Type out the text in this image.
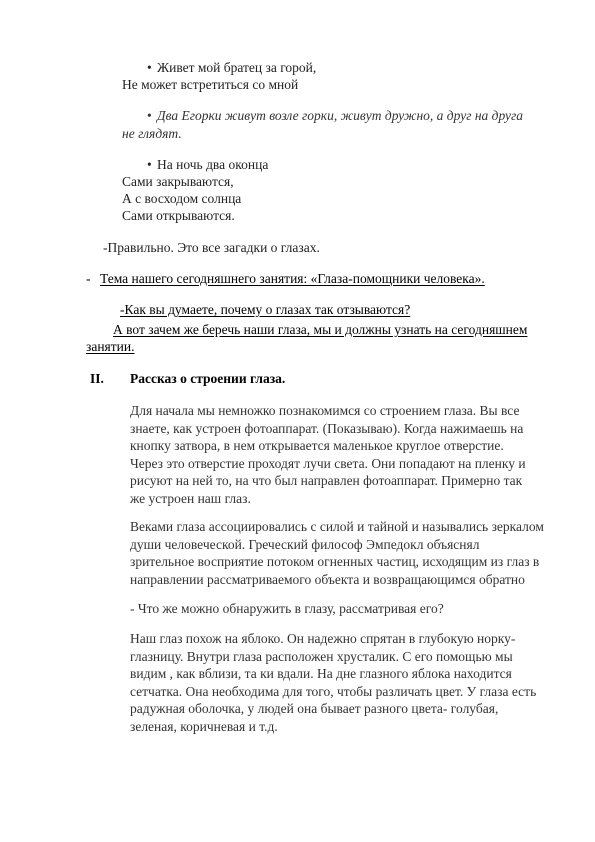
• Живет мой братец за горой,
Не может встретиться со мной
• Два Егорки живут возле горки, живут дружно, а друг на друга
не глядят.
• На ночь два оконца
Сами закрываются,
А с восходом солнца
Сами открываются.
-Правильно. Это все загадки о глазах.
- Тема нашего сегодняшнего занятия: «Глаза-помощники человека».
-Как вы думаете, почему о глазах так отзываются?
А вот зачем же беречь наши глаза, мы и должны узнать на сегодняшнем
занятии.
II. Рассказ о строении глаза.
Для начала мы немножко познакомимся со строением глаза. Вы все
знаете, как устроен фотоаппарат. (Показываю). Когда нажимаешь на
кнопку затвора, в нем открывается маленькое круглое отверстие.
Через это отверстие проходят лучи света. Они попадают на пленку и
рисуют на ней то, на что был направлен фотоаппарат. Примерно так
же устроен наш глаз.
Веками глаза ассоциировались с силой и тайной и назывались зеркалом
души человеческой. Греческий философ Эмпедокл объяснял
зрительное восприятие потоком огненных частиц, исходящим из глаз в
направлении рассматриваемого объекта и возвращающимся обратно
- Что же можно обнаружить в глазу, рассматривая его?
Наш глаз похож на яблоко. Он надежно спрятан в глубокую норку-
глазницу. Внутри глаза расположен хрусталик. С его помощью мы
видим , как вблизи, та ки вдали. На дне глазного яблока находится
сетчатка. Она необходима для того, чтобы различать цвет. У глаза есть
радужная оболочка, у людей она бывает разного цвета- голубая,
зеленая, коричневая и т.д.
